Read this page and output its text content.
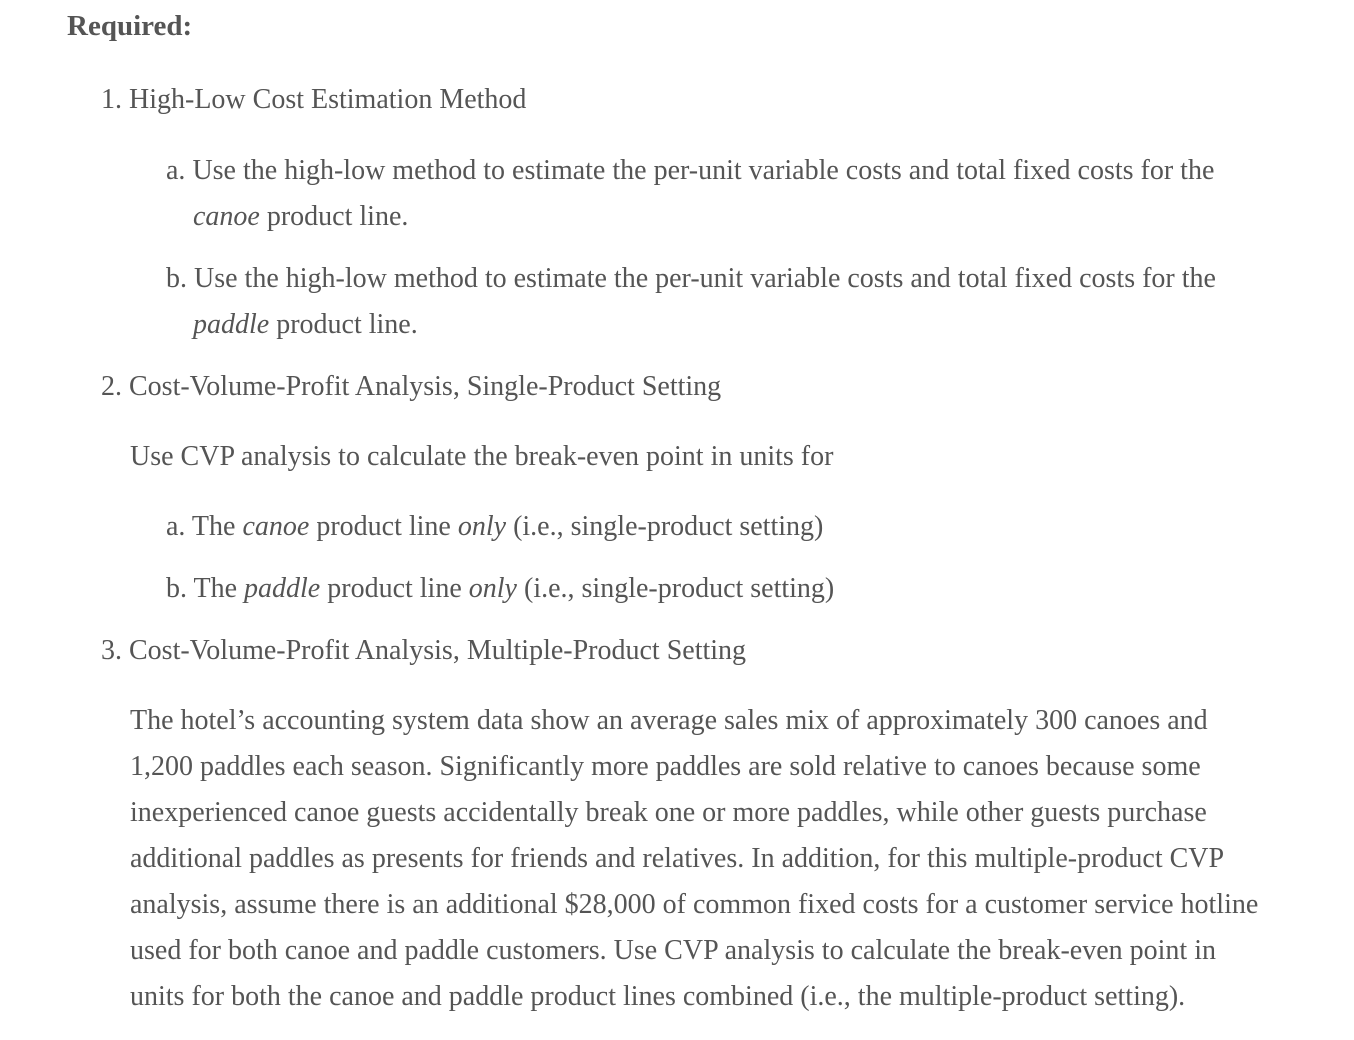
Required:
1. High-Low Cost Estimation Method
a. Use the high-low method to estimate the per-unit variable costs and total fixed costs for the
canoe product line.
b. Use the high-low method to estimate the per-unit variable costs and total fixed costs for the
paddle product line.
2. Cost-Volume-Profit Analysis, Single-Product Setting
Use CVP analysis to calculate the break-even point in units for
a. The canoe product line only (i.e., single-product setting)
b. The paddle product line only (i.e., single-product setting)
3. Cost-Volume-Profit Analysis, Multiple-Product Setting
The hotel’s accounting system data show an average sales mix of approximately 300 canoes and
1,200 paddles each season. Significantly more paddles are sold relative to canoes because some
inexperienced canoe guests accidentally break one or more paddles, while other guests purchase
additional paddles as presents for friends and relatives. In addition, for this multiple-product CVP
analysis, assume there is an additional $28,000 of common fixed costs for a customer service hotline
used for both canoe and paddle customers. Use CVP analysis to calculate the break-even point in
units for both the canoe and paddle product lines combined (i.e., the multiple-product setting).
